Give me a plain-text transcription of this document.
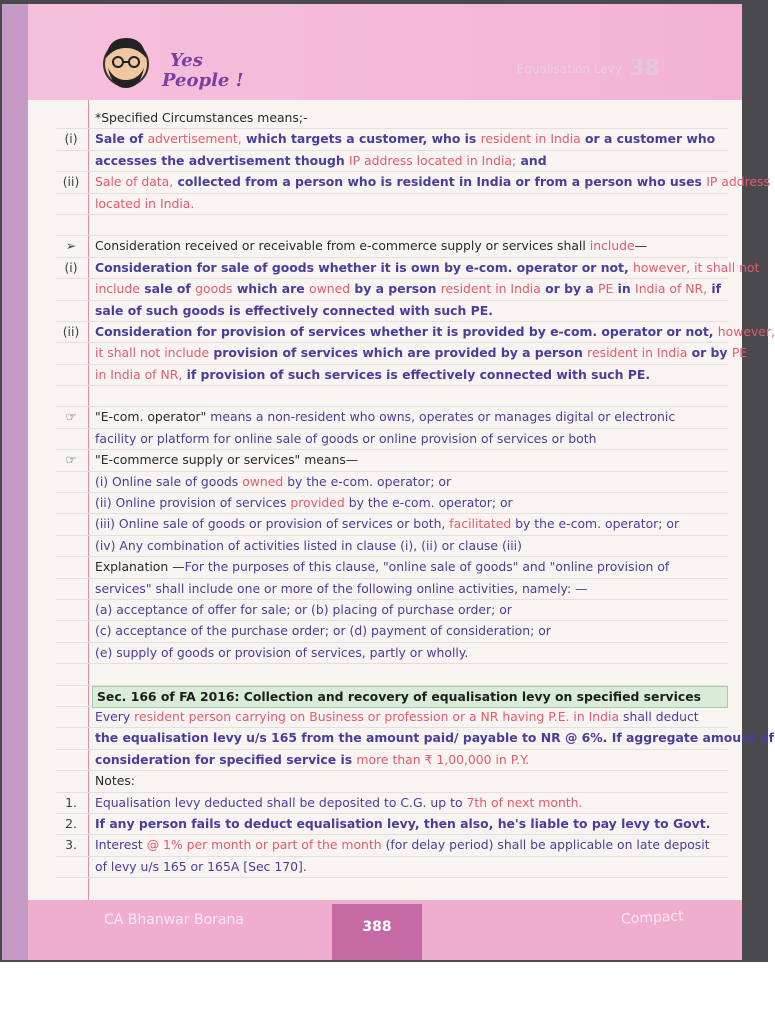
Yes
People !
Equalisation Levy 38
*Specified Circumstances means;-
(i)	Sale of advertisement, which targets a customer, who is resident in India or a customer who
accesses the advertisement though IP address located in India; and
(ii)	Sale of data, collected from a person who is resident in India or from a person who uses IP address
located in India.
➢	Consideration received or receivable from e-commerce supply or services shall include—
(i)	Consideration for sale of goods whether it is own by e-com. operator or not, however, it shall not
include sale of goods which are owned by a person resident in India or by a PE in India of NR, if
sale of such goods is effectively connected with such PE.
(ii)	Consideration for provision of services whether it is provided by e-com. operator or not, however,
it shall not include provision of services which are provided by a person resident in India or by PE
in India of NR, if provision of such services is effectively connected with such PE.
☞	"E-com. operator" means a non-resident who owns, operates or manages digital or electronic
facility or platform for online sale of goods or online provision of services or both
☞	"E-commerce supply or services" means—
(i) Online sale of goods owned by the e-com. operator; or
(ii) Online provision of services provided by the e-com. operator; or
(iii) Online sale of goods or provision of services or both, facilitated by the e-com. operator; or
(iv) Any combination of activities listed in clause (i), (ii) or clause (iii)
Explanation —For the purposes of this clause, "online sale of goods" and "online provision of
services" shall include one or more of the following online activities, namely: —
(a) acceptance of offer for sale; or (b) placing of purchase order; or
(c) acceptance of the purchase order; or (d) payment of consideration; or
(e) supply of goods or provision of services, partly or wholly.
Sec. 166 of FA 2016: Collection and recovery of equalisation levy on specified services
Every resident person carrying on Business or profession or a NR having P.E. in India shall deduct
the equalisation levy u/s 165 from the amount paid/ payable to NR @ 6%. If aggregate amount of
consideration for specified service is more than ₹ 1,00,000 in P.Y.
Notes:
1.	Equalisation levy deducted shall be deposited to C.G. up to 7th of next month.
2.	If any person fails to deduct equalisation levy, then also, he's liable to pay levy to Govt.
3.	Interest @ 1% per month or part of the month (for delay period) shall be applicable on late deposit
of levy u/s 165 or 165A [Sec 170].
CA Bhanwar Borana	388	Compact
